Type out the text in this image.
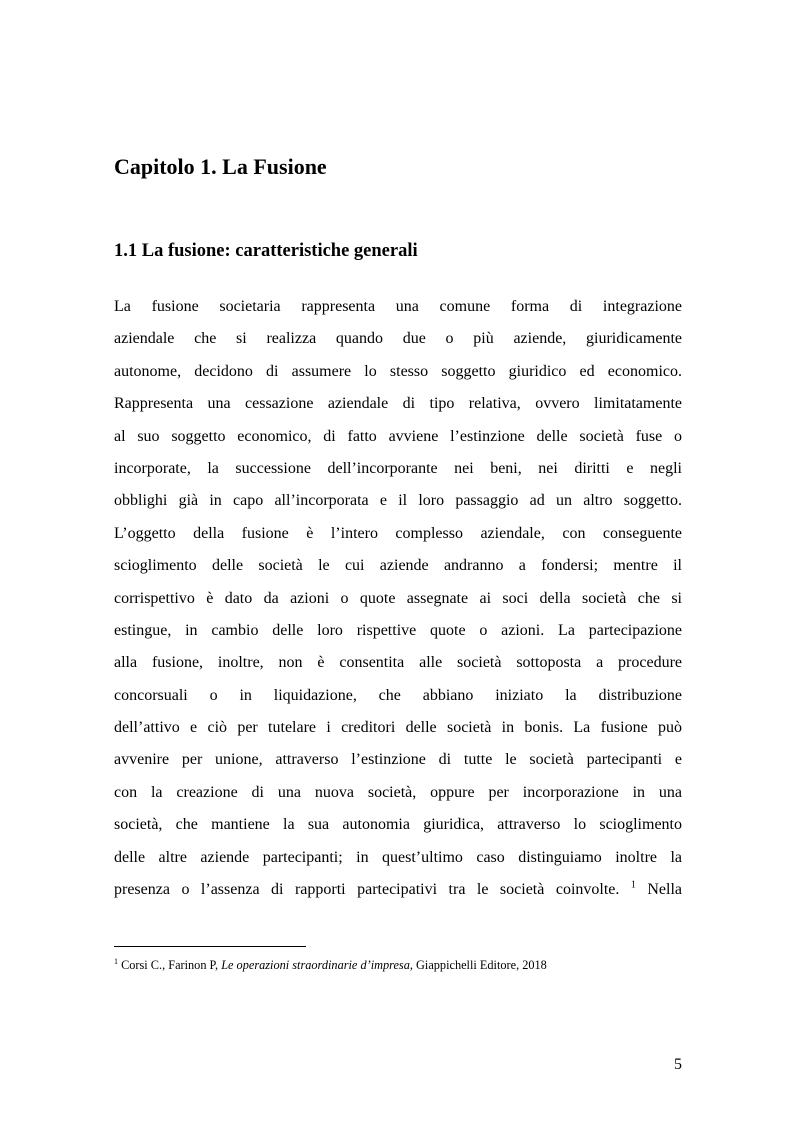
Capitolo 1. La Fusione
1.1 La fusione: caratteristiche generali
La fusione societaria rappresenta una comune forma di integrazione
aziendale che si realizza quando due o più aziende, giuridicamente
autonome, decidono di assumere lo stesso soggetto giuridico ed economico.
Rappresenta una cessazione aziendale di tipo relativa, ovvero limitatamente
al suo soggetto economico, di fatto avviene l’estinzione delle società fuse o
incorporate, la successione dell’incorporante nei beni, nei diritti e negli
obblighi già in capo all’incorporata e il loro passaggio ad un altro soggetto.
L’oggetto della fusione è l’intero complesso aziendale, con conseguente
scioglimento delle società le cui aziende andranno a fondersi; mentre il
corrispettivo è dato da azioni o quote assegnate ai soci della società che si
estingue, in cambio delle loro rispettive quote o azioni. La partecipazione
alla fusione, inoltre, non è consentita alle società sottoposta a procedure
concorsuali o in liquidazione, che abbiano iniziato la distribuzione
dell’attivo e ciò per tutelare i creditori delle società in bonis. La fusione può
avvenire per unione, attraverso l’estinzione di tutte le società partecipanti e
con la creazione di una nuova società, oppure per incorporazione in una
società, che mantiene la sua autonomia giuridica, attraverso lo scioglimento
delle altre aziende partecipanti; in quest’ultimo caso distinguiamo inoltre la
presenza o l’assenza di rapporti partecipativi tra le società coinvolte. $^1$ Nella

$^1$ Corsi C., Farinon P, Le operazioni straordinarie d’impresa, Giappichelli Editore, 2018

5
